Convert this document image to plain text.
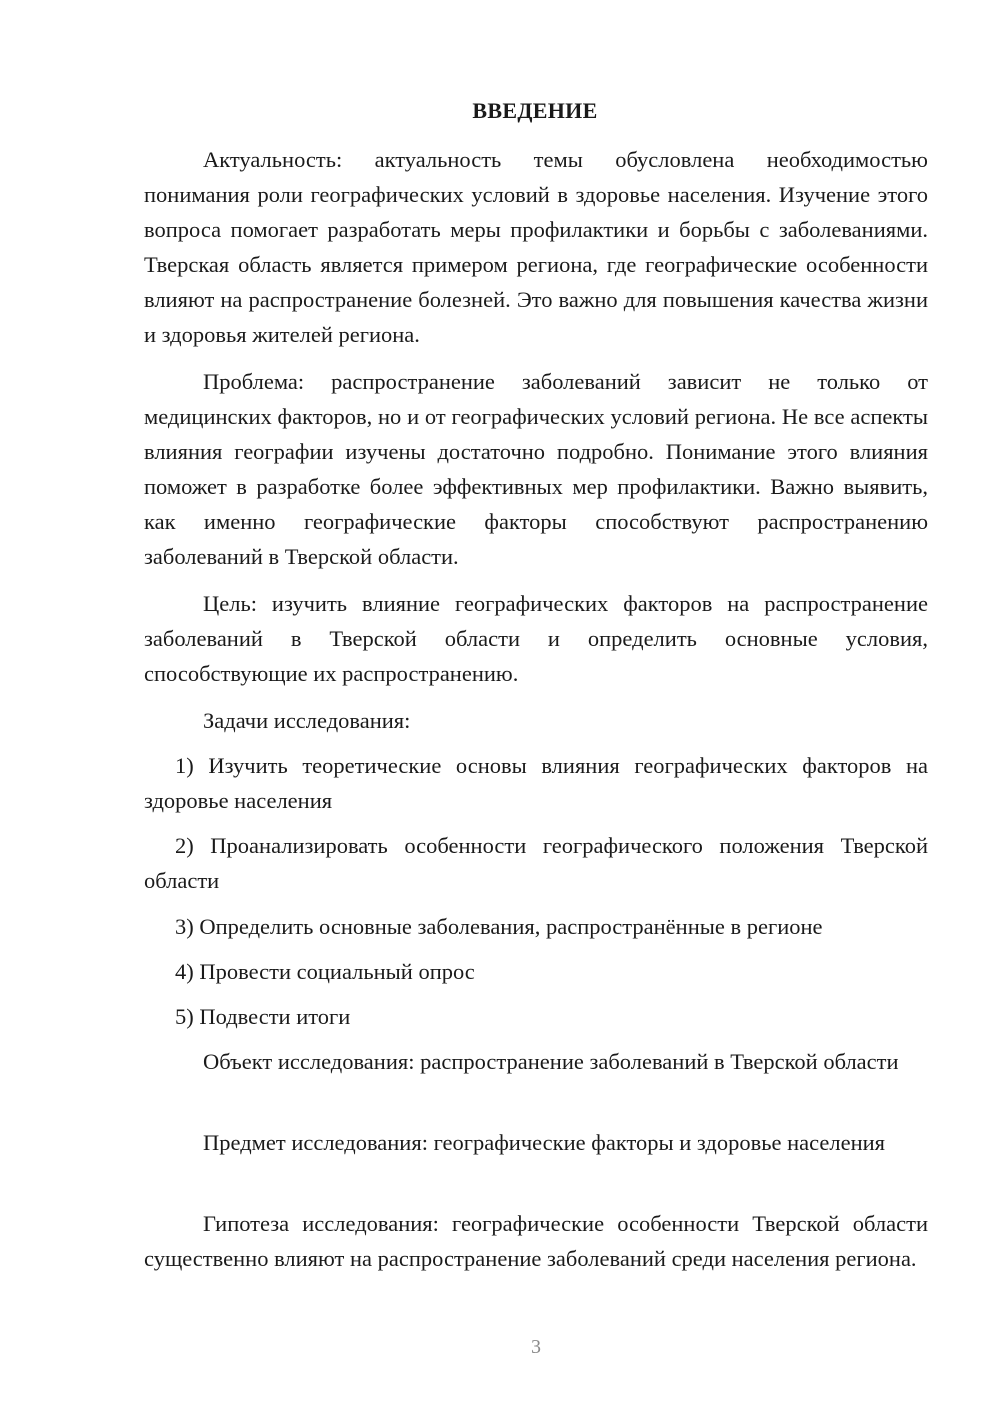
ВВЕДЕНИЕ

Актуальность: актуальность темы обусловлена необходимостью понимания роли географических условий в здоровье населения. Изучение этого вопроса помогает разработать меры профилактики и борьбы с заболеваниями. Тверская область является примером региона, где географические особенности влияют на распространение болезней. Это важно для повышения качества жизни и здоровья жителей региона.

Проблема: распространение заболеваний зависит не только от медицинских факторов, но и от географических условий региона. Не все аспекты влияния географии изучены достаточно подробно. Понимание этого влияния поможет в разработке более эффективных мер профилактики. Важно выявить, как именно географические факторы способствуют распространению заболеваний в Тверской области.

Цель: изучить влияние географических факторов на распространение заболеваний в Тверской области и определить основные условия, способствующие их распространению.

Задачи исследования:

1) Изучить теоретические основы влияния географических факторов на здоровье населения

2) Проанализировать особенности географического положения Тверской области

3) Определить основные заболевания, распространённые в регионе

4) Провести социальный опрос

5) Подвести итоги

Объект исследования: распространение заболеваний в Тверской области

Предмет исследования: географические факторы и здоровье населения

Гипотеза исследования: географические особенности Тверской области существенно влияют на распространение заболеваний среди населения региона.

3
